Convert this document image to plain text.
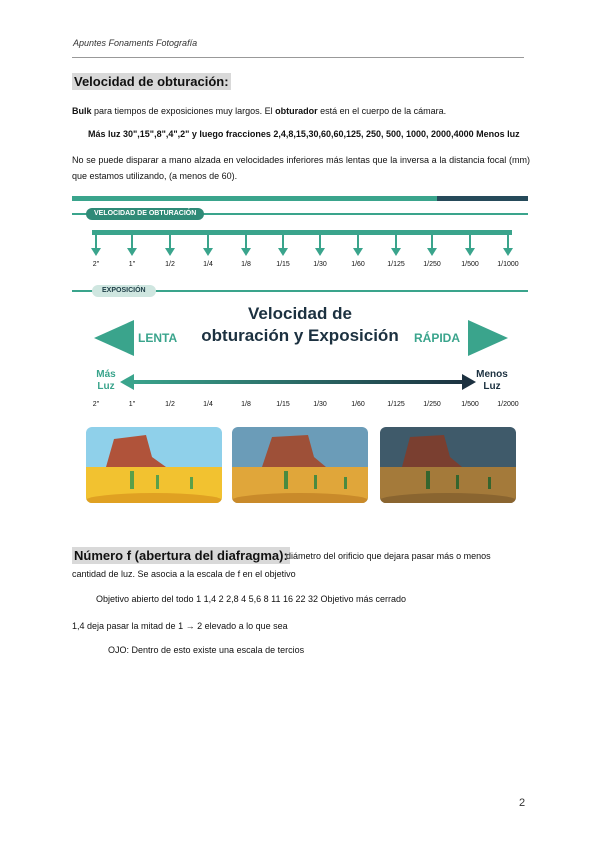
Apuntes Fonaments Fotografía
Velocidad de obturación:
Bulk para tiempos de exposiciones muy largos. El obturador está en el cuerpo de la cámara.
Más luz 30",15",8",4",2" y luego fracciones 2,4,8,15,30,60,60,125, 250, 500, 1000, 2000,4000 Menos luz
No se puede disparar a mano alzada en velocidades inferiores más lentas que la inversa a la distancia focal (mm) que estamos utilizando, (a menos de 60).
VELOCIDAD DE OBTURACIÓN
2"	1"	1/2	1/4	1/8	1/15	1/30	1/60	1/125	1/250	1/500	1/1000
EXPOSICIÓN
Velocidad de
obturación y Exposición
LENTA	RÁPIDA
Más
Luz
Menos
Luz
2"	1"	1/2	1/4	1/8	1/15	1/30	1/60	1/125	1/250	1/500	1/2000
Número f (abertura del diafragma):
diámetro del orificio que dejara pasar más o menos
cantidad de luz. Se asocia a la escala de f en el objetivo
Objetivo abierto del todo 1 1,4 2 2,8 4 5,6 8 11 16 22 32 Objetivo más cerrado
1,4 deja pasar la mitad de 1 → 2 elevado a lo que sea
OJO: Dentro de esto existe una escala de tercios
2
